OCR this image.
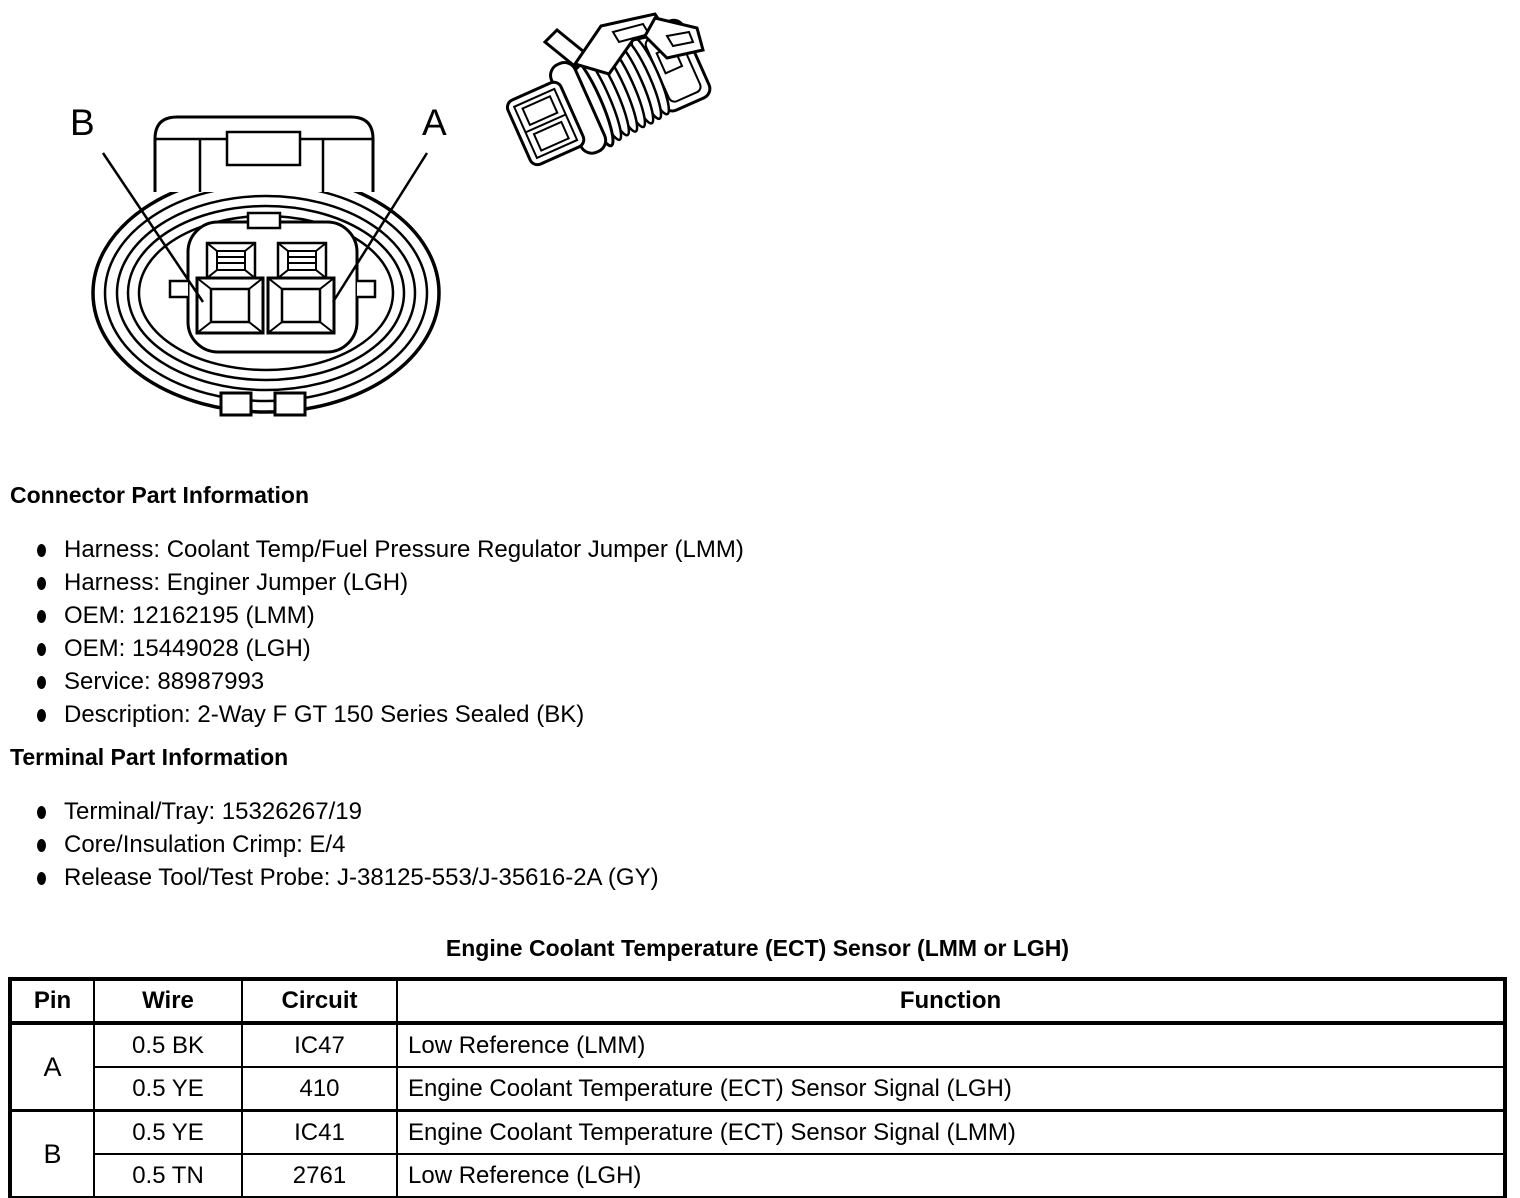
B	A
Connector Part Information
Harness: Coolant Temp/Fuel Pressure Regulator Jumper (LMM)
Harness: Enginer Jumper (LGH)
OEM: 12162195 (LMM)
OEM: 15449028 (LGH)
Service: 88987993
Description: 2-Way F GT 150 Series Sealed (BK)
Terminal Part Information
Terminal/Tray: 15326267/19
Core/Insulation Crimp: E/4
Release Tool/Test Probe: J-38125-553/J-35616-2A (GY)
Engine Coolant Temperature (ECT) Sensor (LMM or LGH)
Pin	Wire	Circuit	Function
A	0.5 BK	IC47	Low Reference (LMM)
	0.5 YE	410	Engine Coolant Temperature (ECT) Sensor Signal (LGH)
B	0.5 YE	IC41	Engine Coolant Temperature (ECT) Sensor Signal (LMM)
	0.5 TN	2761	Low Reference (LGH)
